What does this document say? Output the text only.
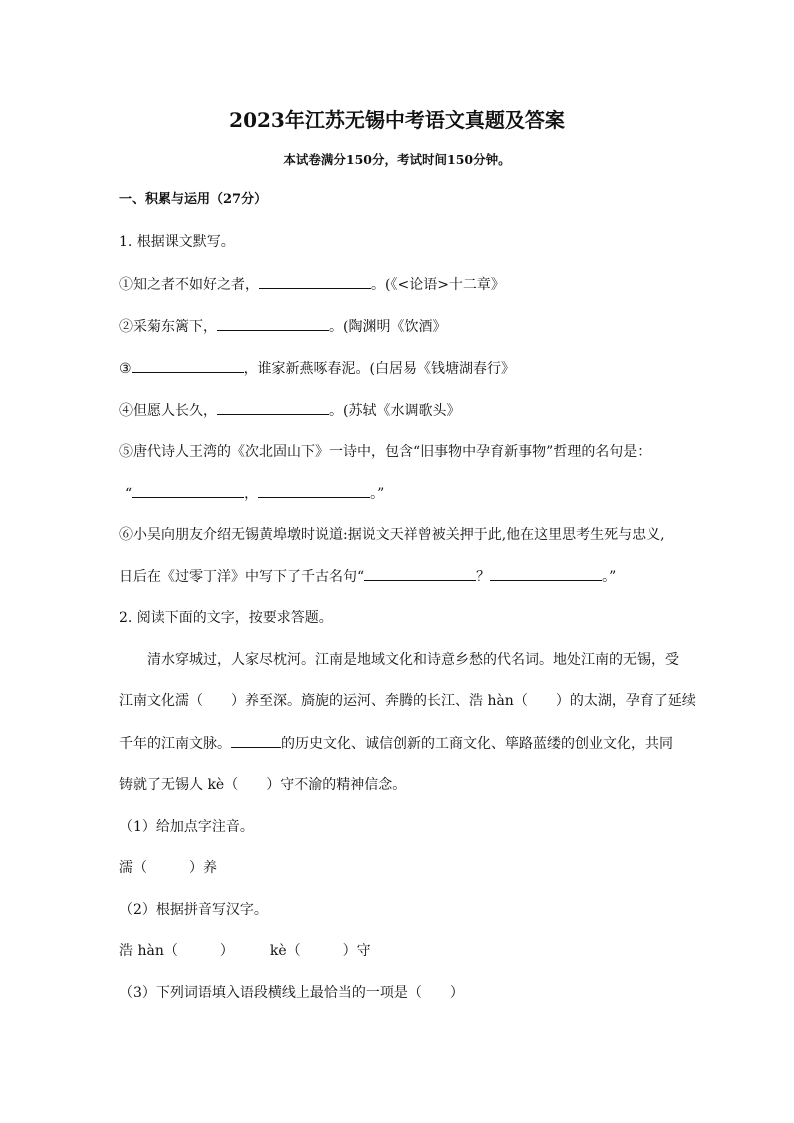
2023年江苏无锡中考语文真题及答案
本试卷满分150分，考试时间150分钟。
一、积累与运用（27分）
1. 根据课文默写。
①知之者不如好之者，	。(《<论语>十二章》
②采菊东篱下，	。(陶渊明《饮酒》
③	，谁家新燕啄春泥。(白居易《钱塘湖春行》
④但愿人长久，	。(苏轼《水调歌头》
⑤唐代诗人王湾的《次北固山下》一诗中，包含“旧事物中孕育新事物”哲理的名句是：
“	，	。”
⑥小吴向朋友介绍无锡黄埠墩时说道:据说文天祥曾被关押于此,他在这里思考生死与忠义,
日后在《过零丁洋》中写下了千古名句“	？	。”
2. 阅读下面的文字，按要求答题。
清水穿城过，人家尽枕河。江南是地域文化和诗意乡愁的代名词。地处江南的无锡，受
江南文化濡（　　）养至深。旖旎的运河、奔腾的长江、浩 hàn（　　）的太湖，孕育了延续
千年的江南文脉。	的历史文化、诚信创新的工商文化、筚路蓝缕的创业文化，共同
铸就了无锡人 kè（　　）守不渝的精神信念。
（1）给加点字注音。
濡（　　　）养
（2）根据拼音写汉字。
浩 hàn（　　　）	kè（　　　）守
（3）下列词语填入语段横线上最恰当的一项是（　　）
